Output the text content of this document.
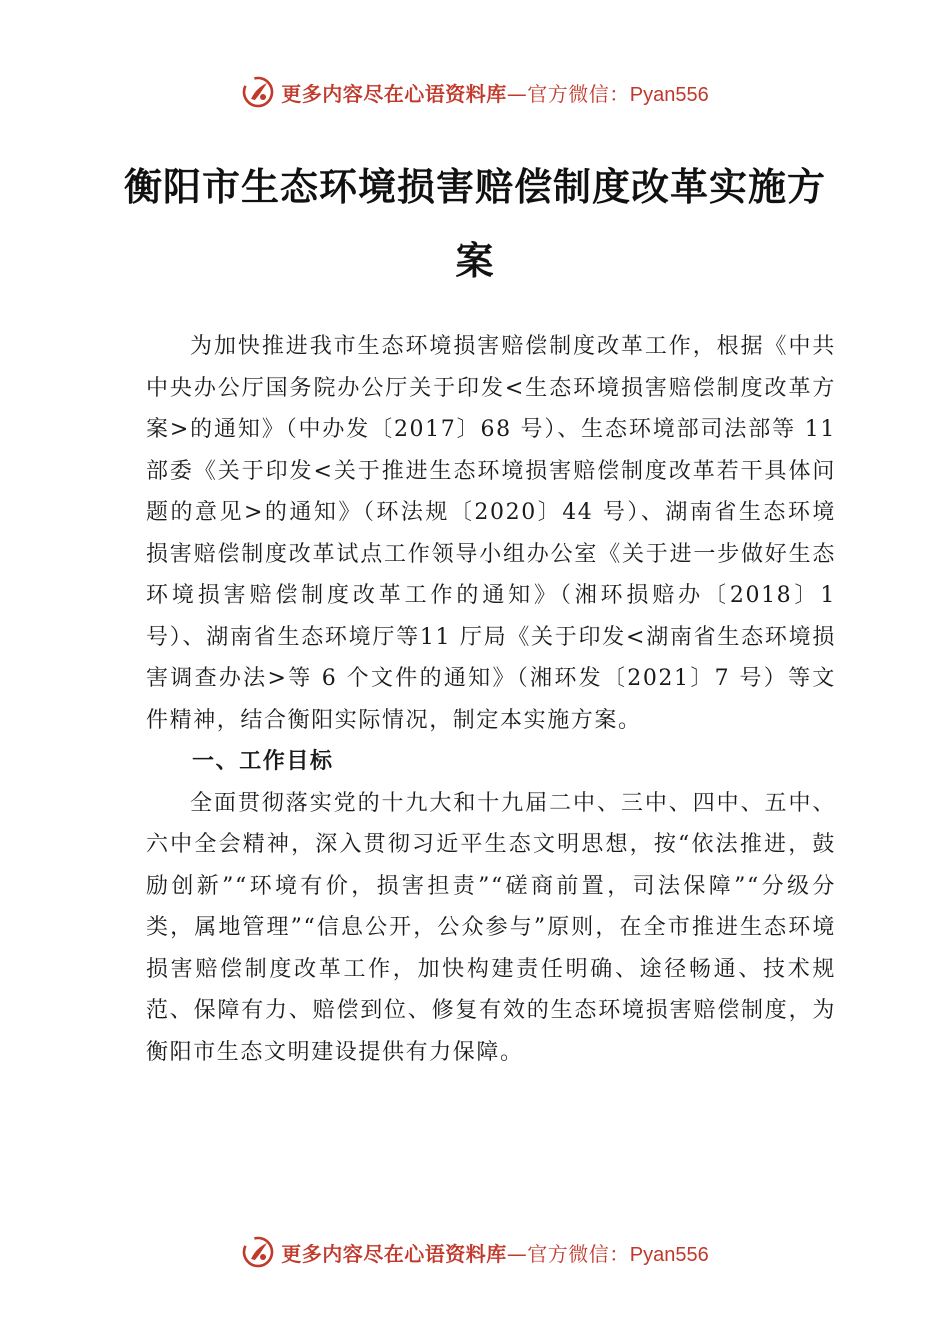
更多内容尽在心语资料库—官方微信：Pyan556
衡阳市生态环境损害赔偿制度改革实施方案

为加快推进我市生态环境损害赔偿制度改革工作，根据《中共中央办公厅国务院办公厅关于印发<生态环境损害赔偿制度改革方案>的通知》（中办发〔2017〕68 号）、生态环境部司法部等 11 部委《关于印发<关于推进生态环境损害赔偿制度改革若干具体问题的意见>的通知》（环法规〔2020〕44 号）、湖南省生态环境损害赔偿制度改革试点工作领导小组办公室《关于进一步做好生态环境损害赔偿制度改革工作的通知》（湘环损赔办〔2018〕1 号）、湖南省生态环境厅等11 厅局《关于印发<湖南省生态环境损害调查办法>等 6 个文件的通知》（湘环发〔2021〕7 号）等文件精神，结合衡阳实际情况，制定本实施方案。

一、工作目标

全面贯彻落实党的十九大和十九届二中、三中、四中、五中、六中全会精神，深入贯彻习近平生态文明思想，按“依法推进，鼓励创新”“环境有价，损害担责”“磋商前置，司法保障”“分级分类，属地管理”“信息公开，公众参与”原则，在全市推进生态环境损害赔偿制度改革工作，加快构建责任明确、途径畅通、技术规范、保障有力、赔偿到位、修复有效的生态环境损害赔偿制度，为衡阳市生态文明建设提供有力保障。

更多内容尽在心语资料库—官方微信：Pyan556
